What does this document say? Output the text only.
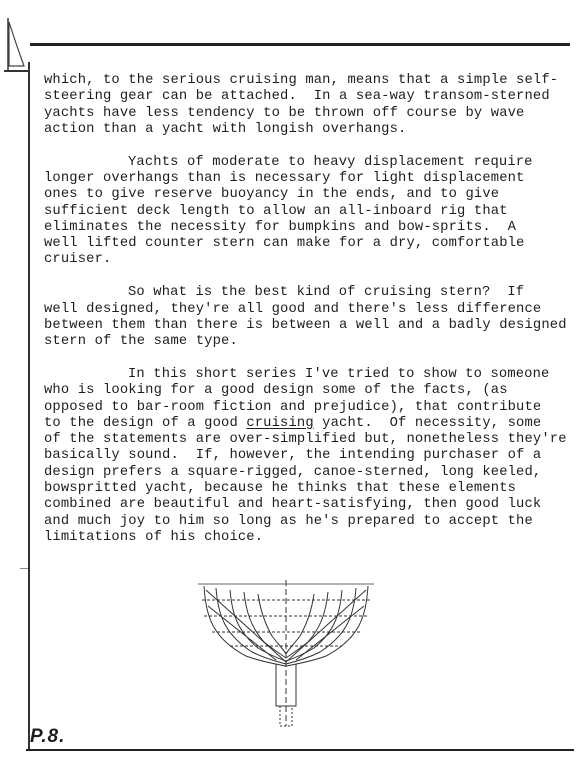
which, to the serious cruising man, means that a simple self-
steering gear can be attached.  In a sea-way transom-sterned
yachts have less tendency to be thrown off course by wave
action than a yacht with longish overhangs.

Yachts of moderate to heavy displacement require
longer overhangs than is necessary for light displacement
ones to give reserve buoyancy in the ends, and to give
sufficient deck length to allow an all-inboard rig that
eliminates the necessity for bumpkins and bow-sprits.  A
well lifted counter stern can make for a dry, comfortable
cruiser.

So what is the best kind of cruising stern?  If
well designed, they're all good and there's less difference
between them than there is between a well and a badly designed
stern of the same type.

In this short series I've tried to show to someone
who is looking for a good design some of the facts, (as
opposed to bar-room fiction and prejudice), that contribute
to the design of a good cruising yacht.  Of necessity, some
of the statements are over-simplified but, nonetheless they're
basically sound.  If, however, the intending purchaser of a
design prefers a square-rigged, canoe-sterned, long keeled,
bowspritted yacht, because he thinks that these elements
combined are beautiful and heart-satisfying, then good luck
and much joy to him so long as he's prepared to accept the
limitations of his choice.

P.8.
